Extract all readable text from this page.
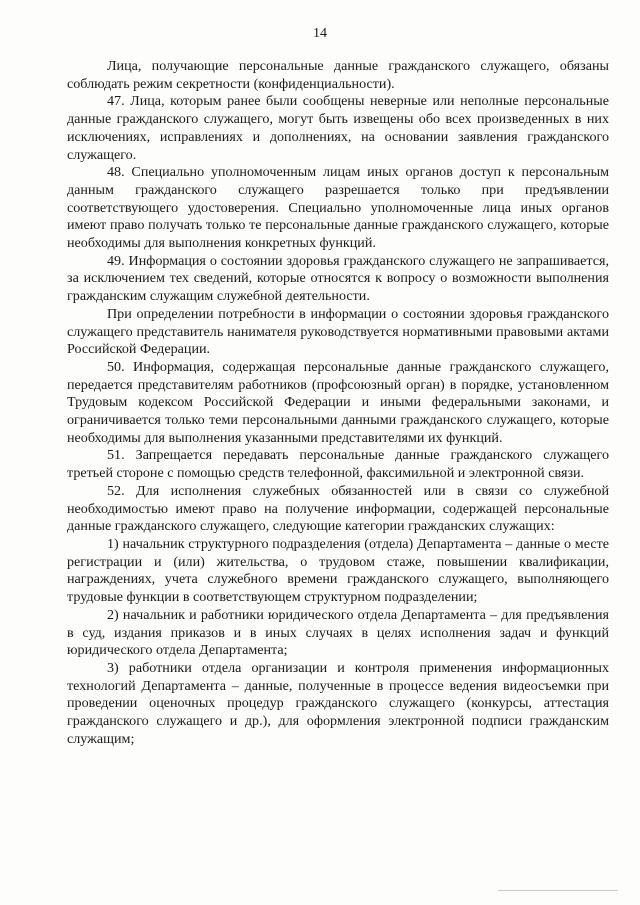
14

Лица, получающие персональные данные гражданского служащего, обязаны соблюдать режим секретности (конфиденциальности).

47. Лица, которым ранее были сообщены неверные или неполные персональные данные гражданского служащего, могут быть извещены обо всех произведенных в них исключениях, исправлениях и дополнениях, на основании заявления гражданского служащего.

48. Специально уполномоченным лицам иных органов доступ к персональным данным гражданского служащего разрешается только при предъявлении соответствующего удостоверения. Специально уполномоченные лица иных органов имеют право получать только те персональные данные гражданского служащего, которые необходимы для выполнения конкретных функций.

49. Информация о состоянии здоровья гражданского служащего не запрашивается, за исключением тех сведений, которые относятся к вопросу о возможности выполнения гражданским служащим служебной деятельности.

При определении потребности в информации о состоянии здоровья гражданского служащего представитель нанимателя руководствуется нормативными правовыми актами Российской Федерации.

50. Информация, содержащая персональные данные гражданского служащего, передается представителям работников (профсоюзный орган) в порядке, установленном Трудовым кодексом Российской Федерации и иными федеральными законами, и ограничивается только теми персональными данными гражданского служащего, которые необходимы для выполнения указанными представителями их функций.

51. Запрещается передавать персональные данные гражданского служащего третьей стороне с помощью средств телефонной, факсимильной и электронной связи.

52. Для исполнения служебных обязанностей или в связи со служебной необходимостью имеют право на получение информации, содержащей персональные данные гражданского служащего, следующие категории гражданских служащих:

1) начальник структурного подразделения (отдела) Департамента – данные о месте регистрации и (или) жительства, о трудовом стаже, повышении квалификации, награждениях, учета служебного времени гражданского служащего, выполняющего трудовые функции в соответствующем структурном подразделении;

2) начальник и работники юридического отдела Департамента – для предъявления в суд, издания приказов и в иных случаях в целях исполнения задач и функций юридического отдела Департамента;

3) работники отдела организации и контроля применения информационных технологий Департамента – данные, полученные в процессе ведения видеосъемки при проведении оценочных процедур гражданского служащего (конкурсы, аттестация гражданского служащего и др.), для оформления электронной подписи гражданским служащим;
